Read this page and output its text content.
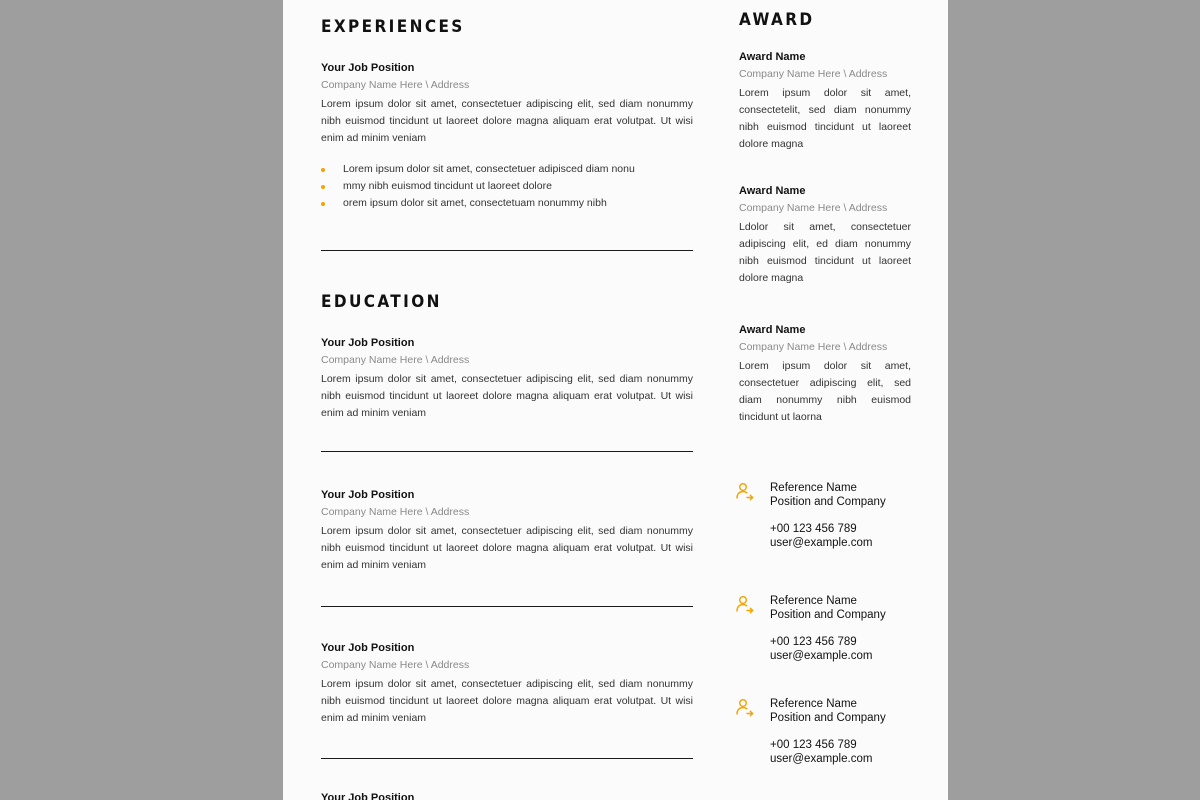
EXPERIENCES
Your Job Position
Company Name Here \ Address
Lorem ipsum dolor sit amet, consectetuer adipiscing elit, sed diam nonummy nibh euismod tincidunt ut laoreet dolore magna aliquam erat volutpat. Ut wisi enim ad minim veniam
Lorem ipsum dolor sit amet, consectetuer adipisced diam nonu
mmy nibh euismod tincidunt ut laoreet dolore
orem ipsum dolor sit amet, consectetuam nonummy nibh
EDUCATION
Your Job Position
Company Name Here \ Address
Lorem ipsum dolor sit amet, consectetuer adipiscing elit, sed diam nonummy nibh euismod tincidunt ut laoreet dolore magna aliquam erat volutpat. Ut wisi enim ad minim veniam
Your Job Position
Company Name Here \ Address
Lorem ipsum dolor sit amet, consectetuer adipiscing elit, sed diam nonummy nibh euismod tincidunt ut laoreet dolore magna aliquam erat volutpat. Ut wisi enim ad minim veniam
Your Job Position
Company Name Here \ Address
Lorem ipsum dolor sit amet, consectetuer adipiscing elit, sed diam nonummy nibh euismod tincidunt ut laoreet dolore magna aliquam erat volutpat. Ut wisi enim ad minim veniam
Your Job Position
AWARD
Award Name
Company Name Here \ Address
Lorem ipsum dolor sit amet, consectetelit, sed diam nonummy nibh euismod tincidunt ut laoreet dolore magna
Award Name
Company Name Here \ Address
Ldolor sit amet, consectetuer adipiscing elit, ed diam nonummy nibh euismod tincidunt ut laoreet dolore magna
Award Name
Company Name Here \ Address
Lorem ipsum dolor sit amet, consectetuer adipiscing elit, sed diam nonummy nibh euismod tincidunt ut laorna
Reference Name
Position and Company
+00 123 456 789
user@example.com
Reference Name
Position and Company
+00 123 456 789
user@example.com
Reference Name
Position and Company
+00 123 456 789
user@example.com
